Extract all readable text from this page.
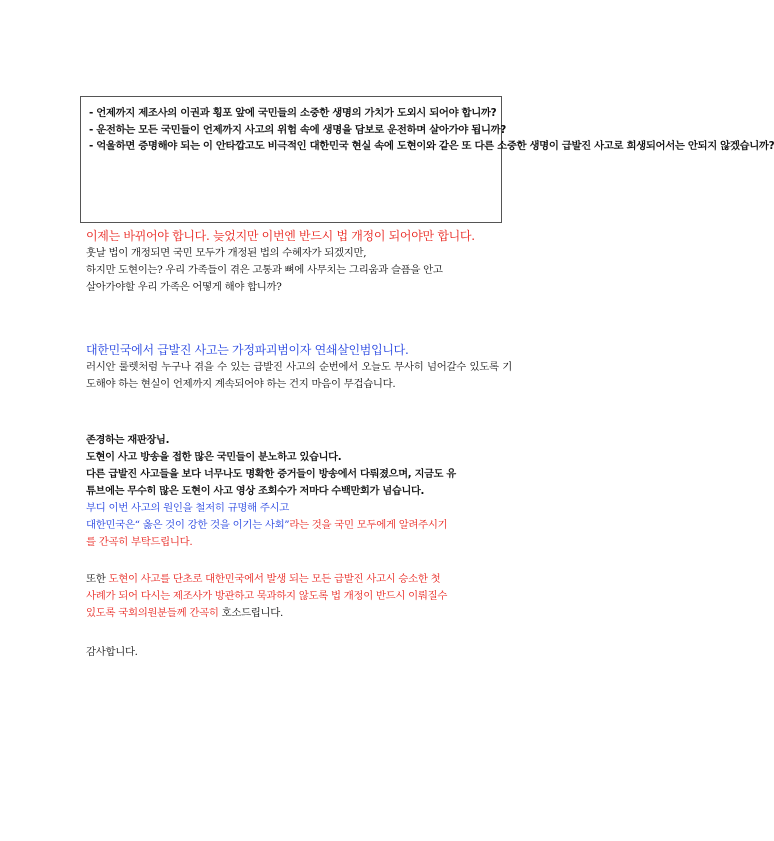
- 언제까지 제조사의 이권과 횡포 앞에 국민들의 소중한 생명의 가치가 도외시 되어야 합니까?
- 운전하는 모든 국민들이 언제까지 사고의 위험 속에 생명을 담보로 운전하며 살아가야 됩니까?
- 억울하면 증명해야 되는 이 안타깝고도 비극적인 대한민국 현실 속에 도현이와 같은 또 다른 소중한 생명이 급발진 사고로 희생되어서는 안되지 않겠습니까?
이제는 바뀌어야 합니다. 늦었지만 이번엔 반드시 법 개정이 되어야만 합니다.
훗날 법이 개정되면 국민 모두가 개정된 법의 수혜자가 되겠지만,
하지만 도현이는? 우리 가족들이 겪은 고통과 뼈에 사무치는 그리움과 슬픔을 안고
살아가야할 우리 가족은 어떻게 해야 합니까?
대한민국에서 급발진 사고는 가정파괴범이자 연쇄살인범입니다.
러시안 룰렛처럼 누구나 겪을 수 있는 급발진 사고의 순번에서 오늘도 무사히 넘어갈수 있도록 기도해야 하는 현실이 언제까지 계속되어야 하는 건지 마음이 무겁습니다.
존경하는 재판장님.
도현이 사고 방송을 접한 많은 국민들이 분노하고 있습니다.
다른 급발진 사고들을 보다 너무나도 명확한 증거들이 방송에서 다뤄졌으며, 지금도 유
튜브에는 무수히 많은 도현이 사고 영상 조회수가 저마다 수백만회가 넘습니다.
부디 이번 사고의 원인을 철저히 규명해 주시고
대한민국은“ 옳은 것이 강한 것을 이기는 사회”라는 것을 국민 모두에게 알려주시기
를 간곡히 부탁드립니다.
또한 도현이 사고를 단초로 대한민국에서 발생 되는 모든 급발진 사고시 승소한 첫
사례가 되어 다시는 제조사가 방관하고 묵과하지 않도록 법 개정이 반드시 이뤄질수
있도록 국회의원분들께 간곡히 호소드립니다.
감사합니다.
